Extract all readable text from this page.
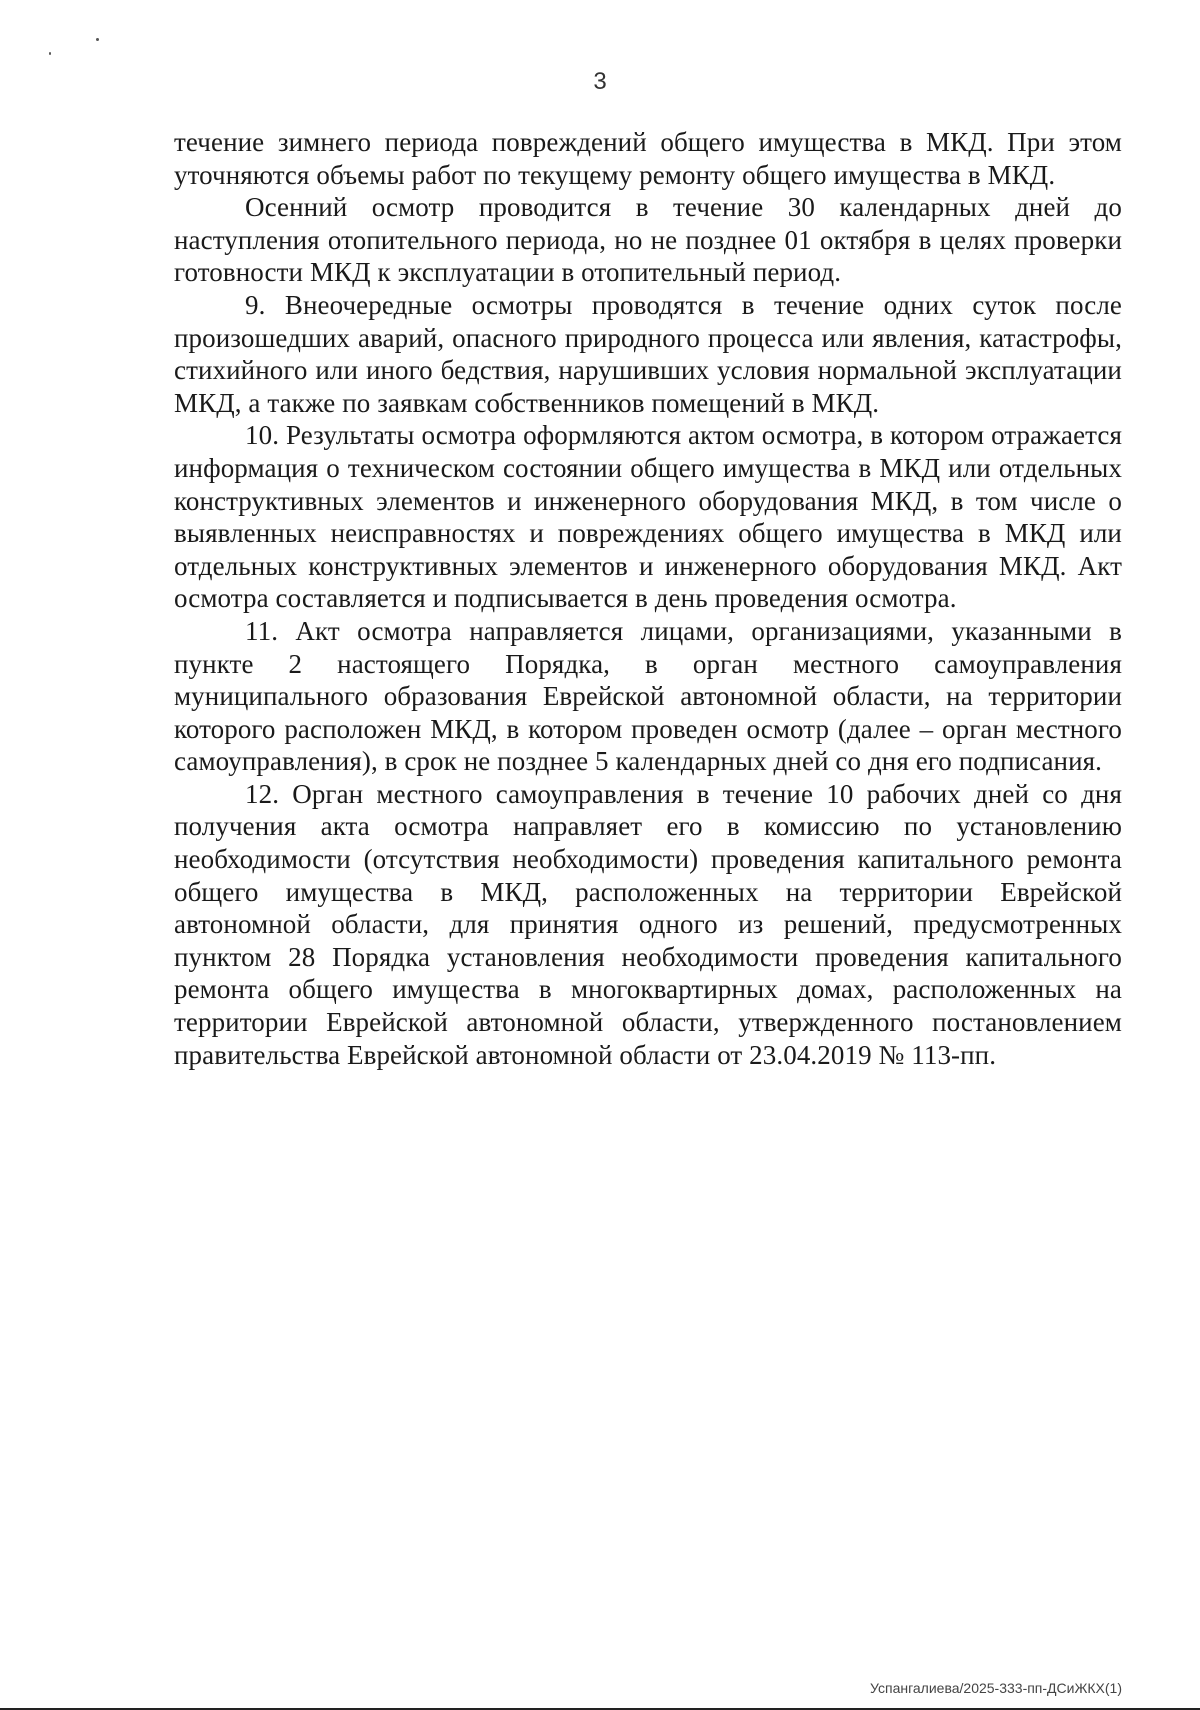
3

течение зимнего периода повреждений общего имущества в МКД. При этом уточняются объемы работ по текущему ремонту общего имущества в МКД.

Осенний осмотр проводится в течение 30 календарных дней до наступления отопительного периода, но не позднее 01 октября в целях проверки готовности МКД к эксплуатации в отопительный период.

9. Внеочередные осмотры проводятся в течение одних суток после произошедших аварий, опасного природного процесса или явления, катастрофы, стихийного или иного бедствия, нарушивших условия нормальной эксплуатации МКД, а также по заявкам собственников помещений в МКД.

10. Результаты осмотра оформляются актом осмотра, в котором отражается информация о техническом состоянии общего имущества в МКД или отдельных конструктивных элементов и инженерного оборудования МКД, в том числе о выявленных неисправностях и повреждениях общего имущества в МКД или отдельных конструктивных элементов и инженерного оборудования МКД. Акт осмотра составляется и подписывается в день проведения осмотра.

11. Акт осмотра направляется лицами, организациями, указанными в пункте 2 настоящего Порядка, в орган местного самоуправления муниципального образования Еврейской автономной области, на территории которого расположен МКД, в котором проведен осмотр (далее – орган местного самоуправления), в срок не позднее 5 календарных дней со дня его подписания.

12. Орган местного самоуправления в течение 10 рабочих дней со дня получения акта осмотра направляет его в комиссию по установлению необходимости (отсутствия необходимости) проведения капитального ремонта общего имущества в МКД, расположенных на территории Еврейской автономной области, для принятия одного из решений, предусмотренных пунктом 28 Порядка установления необходимости проведения капитального ремонта общего имущества в многоквартирных домах, расположенных на территории Еврейской автономной области, утвержденного постановлением правительства Еврейской автономной области от 23.04.2019 № 113-пп.

Успангалиева/2025-333-пп-ДСиЖКХ(1)
